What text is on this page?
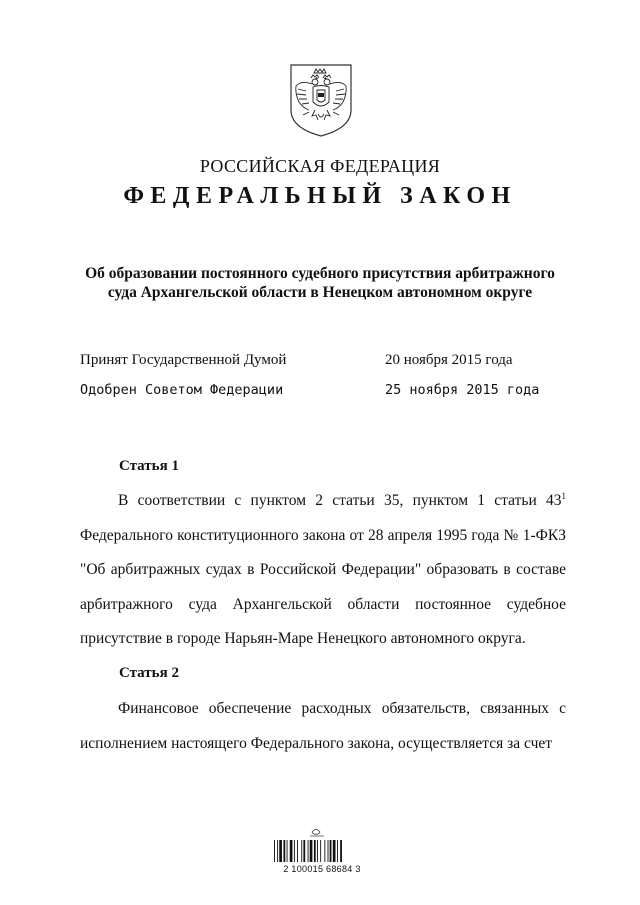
РОССИЙСКАЯ ФЕДЕРАЦИЯ
ФЕДЕРАЛЬНЫЙ ЗАКОН
Об образовании постоянного судебного присутствия арбитражного
суда Архангельской области в Ненецком автономном округе
Принят Государственной Думой	20 ноября 2015 года
Одобрен Советом Федерации	25 ноября 2015 года
Статья 1
В соответствии с пунктом 2 статьи 35, пунктом 1 статьи $43^1$ Федерального конституционного закона от 28 апреля 1995 года № 1-ФКЗ "Об арбитражных судах в Российской Федерации" образовать в составе арбитражного суда Архангельской области постоянное судебное присутствие в городе Нарьян-Маре Ненецкого автономного округа.
Статья 2
Финансовое обеспечение расходных обязательств, связанных с исполнением настоящего Федерального закона, осуществляется за счет
2 100015 68684 3
